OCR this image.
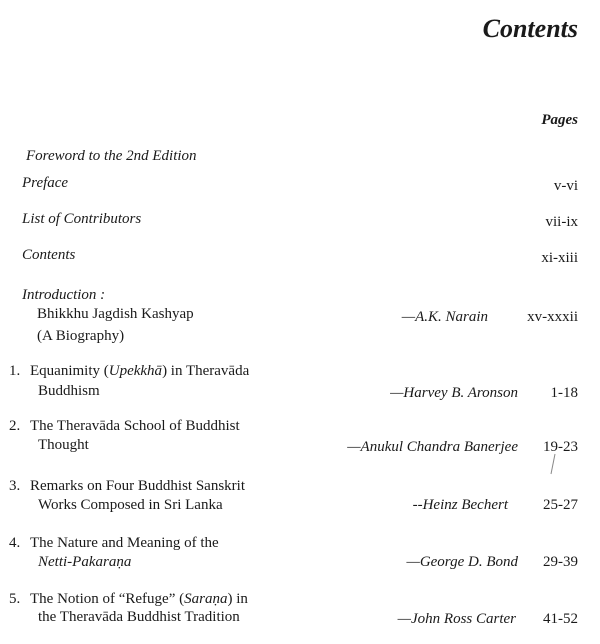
Contents
Pages
Foreword to the 2nd Edition
Preface	v-vi
List of Contributors	vii-ix
Contents	xi-xiii
Introduction :
Bhikkhu Jagdish Kashyap
(A Biography)
—A.K. Narain	xv-xxxii
1. Equanimity (Upekkhā) in Theravāda
Buddhism	—Harvey B. Aronson 1-18
2. The Theravāda School of Buddhist
Thought	—Anukul Chandra Banerjee 19-23
3. Remarks on Four Buddhist Sanskrit
Works Composed in Sri Lanka	--Heinz Bechert 25-27
4. The Nature and Meaning of the
Netti-Pakaraṇa	—George D. Bond 29-39
5. The Notion of “Refuge” (Saraṇa) in
the Theravāda Buddhist Tradition	—John Ross Carter 41-52
